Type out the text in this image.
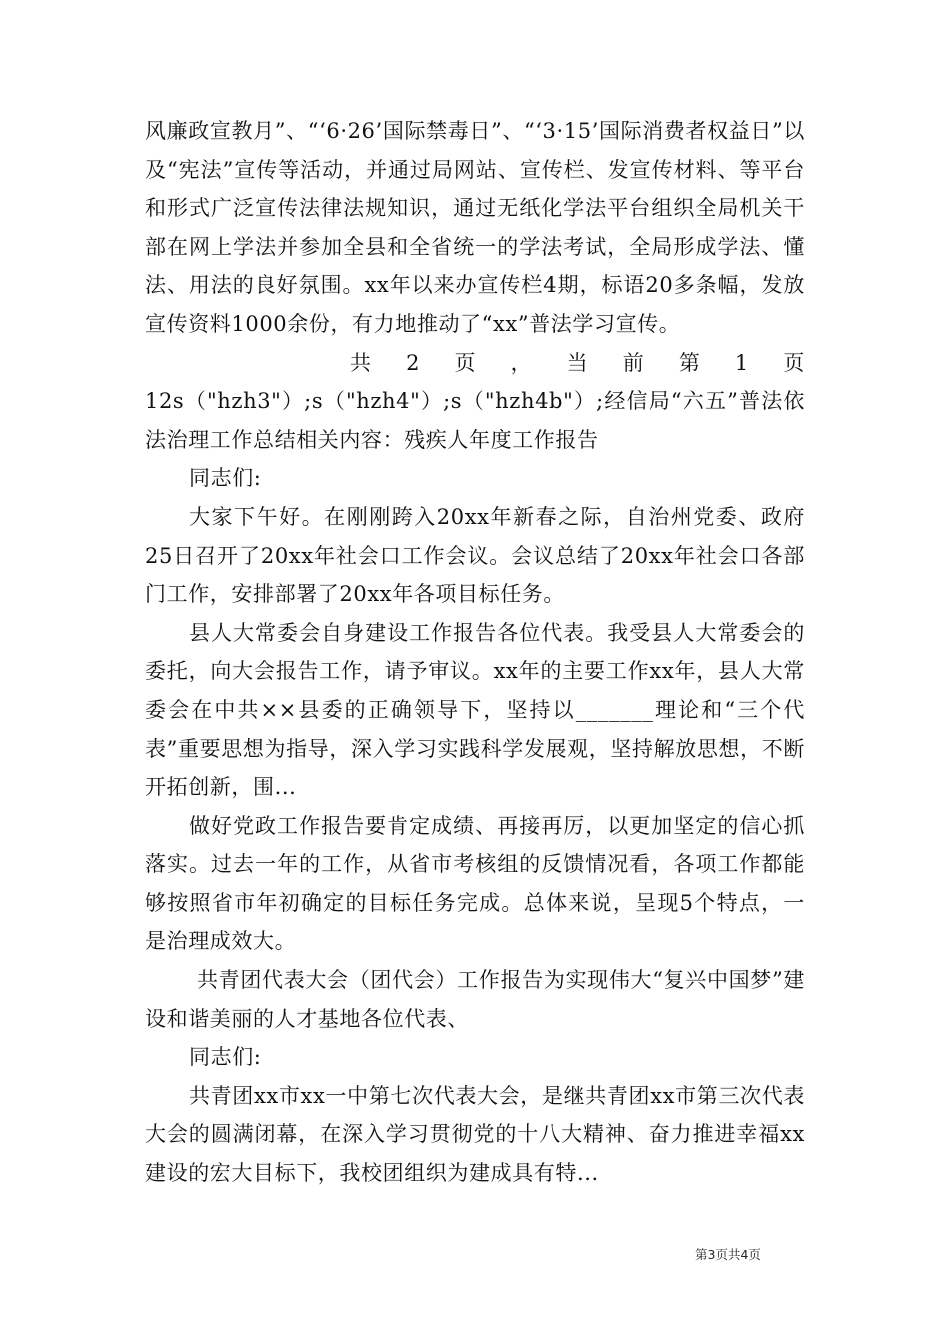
风廉政宣教月”、“‘6·26’国际禁毒日”、“‘3·15’国际消费者权益日”以及“宪法”宣传等活动，并通过局网站、宣传栏、发宣传材料、等平台和形式广泛宣传法律法规知识，通过无纸化学法平台组织全局机关干部在网上学法并参加全县和全省统一的学法考试，全局形成学法、懂法、用法的良好氛围。xx年以来办宣传栏4期，标语20多条幅，发放宣传资料1000余份，有力地推动了“xx”普法学习宣传。

共 2 页 ， 当 前 第 1 页

12s（"hzh3"）;s（"hzh4"）;s（"hzh4b"）;经信局“六五”普法依法治理工作总结相关内容：残疾人年度工作报告

同志们:

大家下午好。在刚刚跨入20xx年新春之际，自治州党委、政府25日召开了20xx年社会口工作会议。会议总结了20xx年社会口各部门工作，安排部署了20xx年各项目标任务。

县人大常委会自身建设工作报告各位代表。我受县人大常委会的委托，向大会报告工作，请予审议。xx年的主要工作xx年，县人大常委会在中共××县委的正确领导下，坚持以_______理论和“三个代表”重要思想为指导，深入学习实践科学发展观，坚持解放思想，不断开拓创新，围...

做好党政工作报告要肯定成绩、再接再厉，以更加坚定的信心抓落实。过去一年的工作，从省市考核组的反馈情况看，各项工作都能够按照省市年初确定的目标任务完成。总体来说，呈现5个特点，一是治理成效大。

共青团代表大会（团代会）工作报告为实现伟大“复兴中国梦”建设和谐美丽的人才基地各位代表、

同志们:

共青团xx市xx一中第七次代表大会，是继共青团xx市第三次代表大会的圆满闭幕，在深入学习贯彻党的十八大精神、奋力推进幸福xx建设的宏大目标下，我校团组织为建成具有特...

第3页共4页
